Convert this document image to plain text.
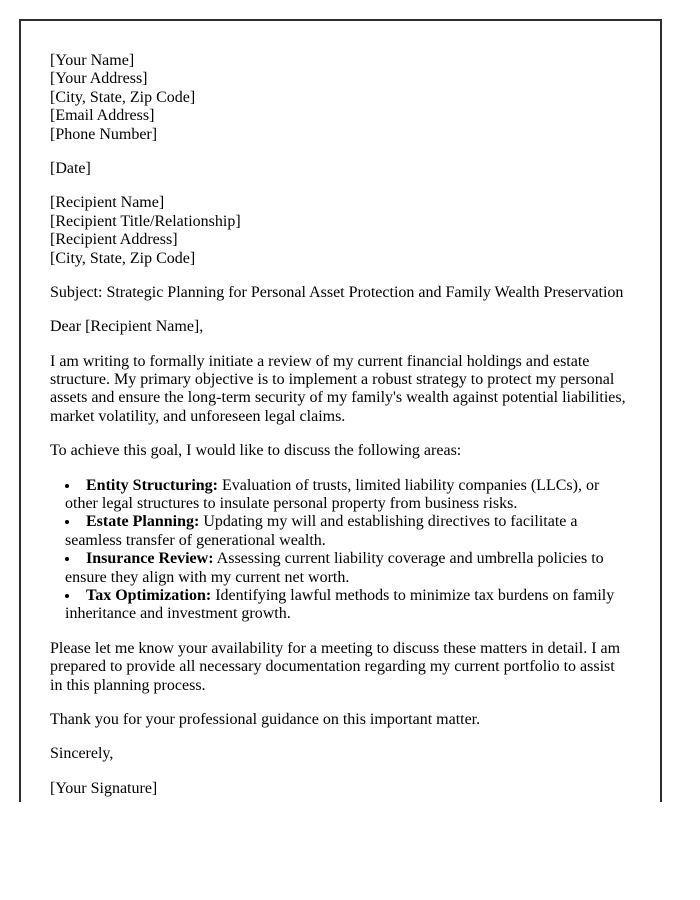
[Your Name]
[Your Address]
[City, State, Zip Code]
[Email Address]
[Phone Number]
[Date]
[Recipient Name]
[Recipient Title/Relationship]
[Recipient Address]
[City, State, Zip Code]
Subject: Strategic Planning for Personal Asset Protection and Family Wealth Preservation
Dear [Recipient Name],
I am writing to formally initiate a review of my current financial holdings and estate structure. My primary objective is to implement a robust strategy to protect my personal assets and ensure the long-term security of my family's wealth against potential liabilities, market volatility, and unforeseen legal claims.
To achieve this goal, I would like to discuss the following areas:
• Entity Structuring: Evaluation of trusts, limited liability companies (LLCs), or other legal structures to insulate personal property from business risks.
• Estate Planning: Updating my will and establishing directives to facilitate a seamless transfer of generational wealth.
• Insurance Review: Assessing current liability coverage and umbrella policies to ensure they align with my current net worth.
• Tax Optimization: Identifying lawful methods to minimize tax burdens on family inheritance and investment growth.
Please let me know your availability for a meeting to discuss these matters in detail. I am prepared to provide all necessary documentation regarding my current portfolio to assist in this planning process.
Thank you for your professional guidance on this important matter.
Sincerely,
[Your Signature]
